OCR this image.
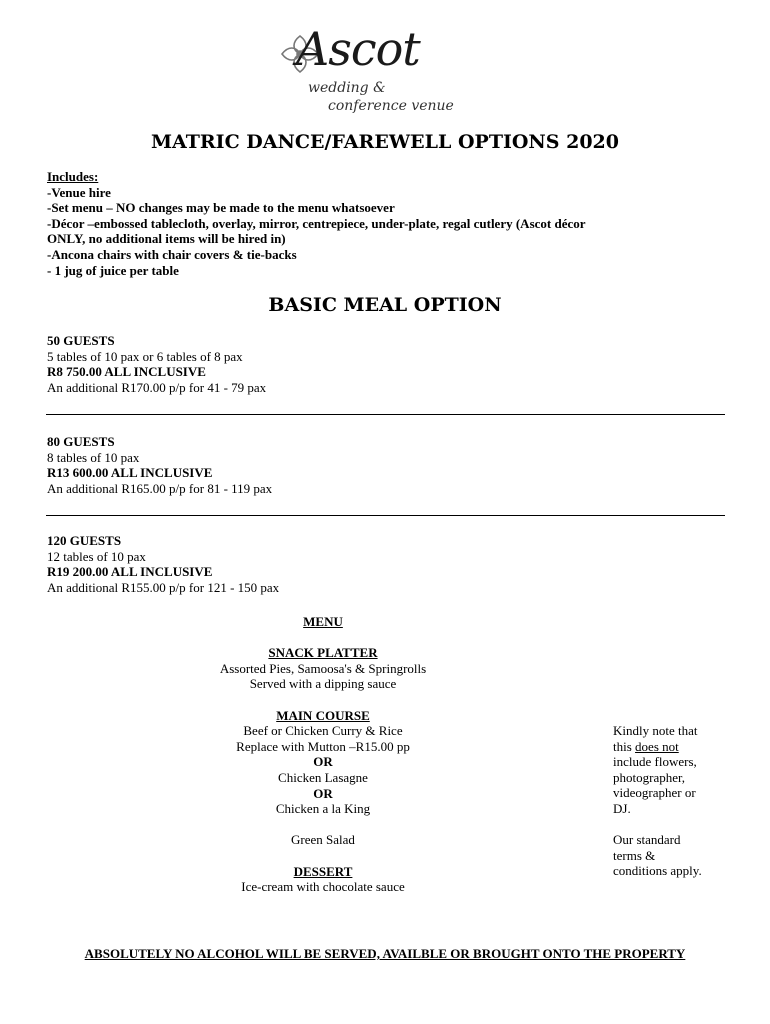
Ascot
wedding &
conference venue
MATRIC DANCE/FAREWELL OPTIONS 2020
Includes:
-Venue hire
-Set menu – NO changes may be made to the menu whatsoever
-Décor –embossed tablecloth, overlay, mirror, centrepiece, under-plate, regal cutlery (Ascot décor
ONLY, no additional items will be hired in)
-Ancona chairs with chair covers & tie-backs
- 1 jug of juice per table
BASIC MEAL OPTION
50 GUESTS
5 tables of 10 pax or 6 tables of 8 pax
R8 750.00 ALL INCLUSIVE
An additional R170.00 p/p for 41 - 79 pax
80 GUESTS
8 tables of 10 pax
R13 600.00 ALL INCLUSIVE
An additional R165.00 p/p for 81 - 119 pax
120 GUESTS
12 tables of 10 pax
R19 200.00 ALL INCLUSIVE
An additional R155.00 p/p for 121 - 150 pax
MENU
SNACK PLATTER
Assorted Pies, Samoosa's & Springrolls
Served with a dipping sauce
MAIN COURSE
Beef or Chicken Curry & Rice
Replace with Mutton –R15.00 pp
OR
Chicken Lasagne
OR
Chicken a la King
Green Salad
DESSERT
Ice-cream with chocolate sauce
Kindly note that
this does not
include flowers,
photographer,
videographer or
DJ.
Our standard
terms &
conditions apply.
ABSOLUTELY NO ALCOHOL WILL BE SERVED, AVAILBLE OR BROUGHT ONTO THE PROPERTY
